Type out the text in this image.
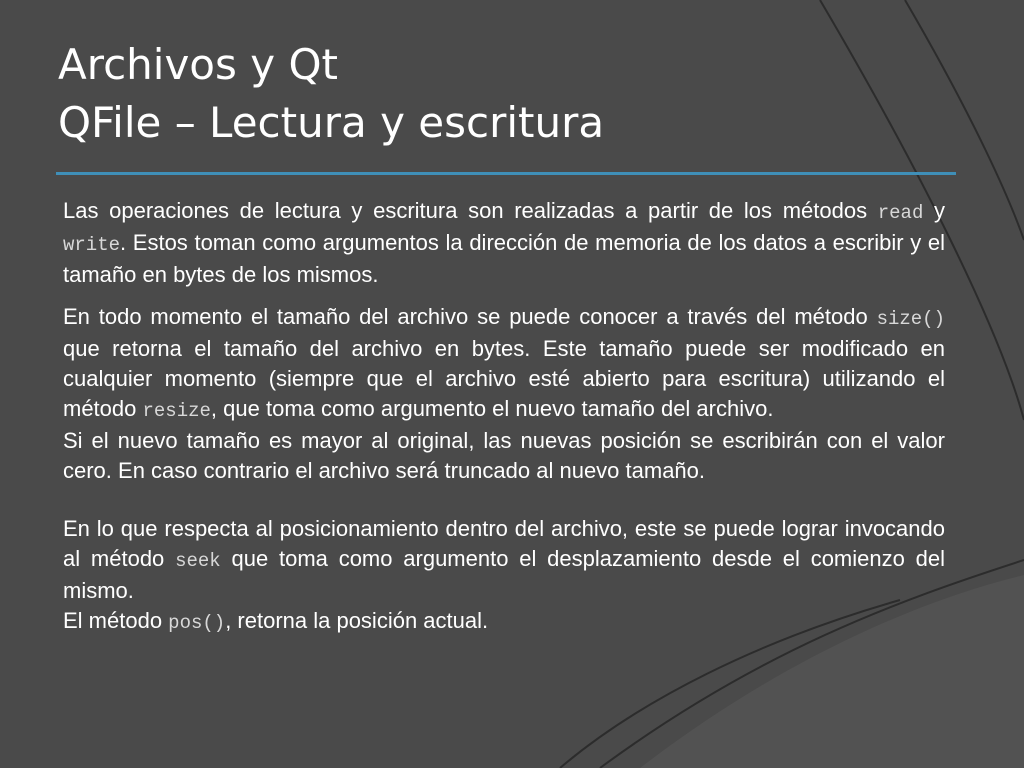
Archivos y Qt
QFile – Lectura y escritura

Las operaciones de lectura y escritura son realizadas a partir de los métodos read y write. Estos toman como argumentos la dirección de memoria de los datos a escribir y el tamaño en bytes de los mismos.

En todo momento el tamaño del archivo se puede conocer a través del método size() que retorna el tamaño del archivo en bytes. Este tamaño puede ser modificado en cualquier momento (siempre que el archivo esté abierto para escritura) utilizando el método resize, que toma como argumento el nuevo tamaño del archivo.

Si el nuevo tamaño es mayor al original, las nuevas posición se escribirán con el valor cero. En caso contrario el archivo será truncado al nuevo tamaño.

En lo que respecta al posicionamiento dentro del archivo, este se puede lograr invocando al método seek que toma como argumento el desplazamiento desde el comienzo del mismo.

El método pos(), retorna la posición actual.
